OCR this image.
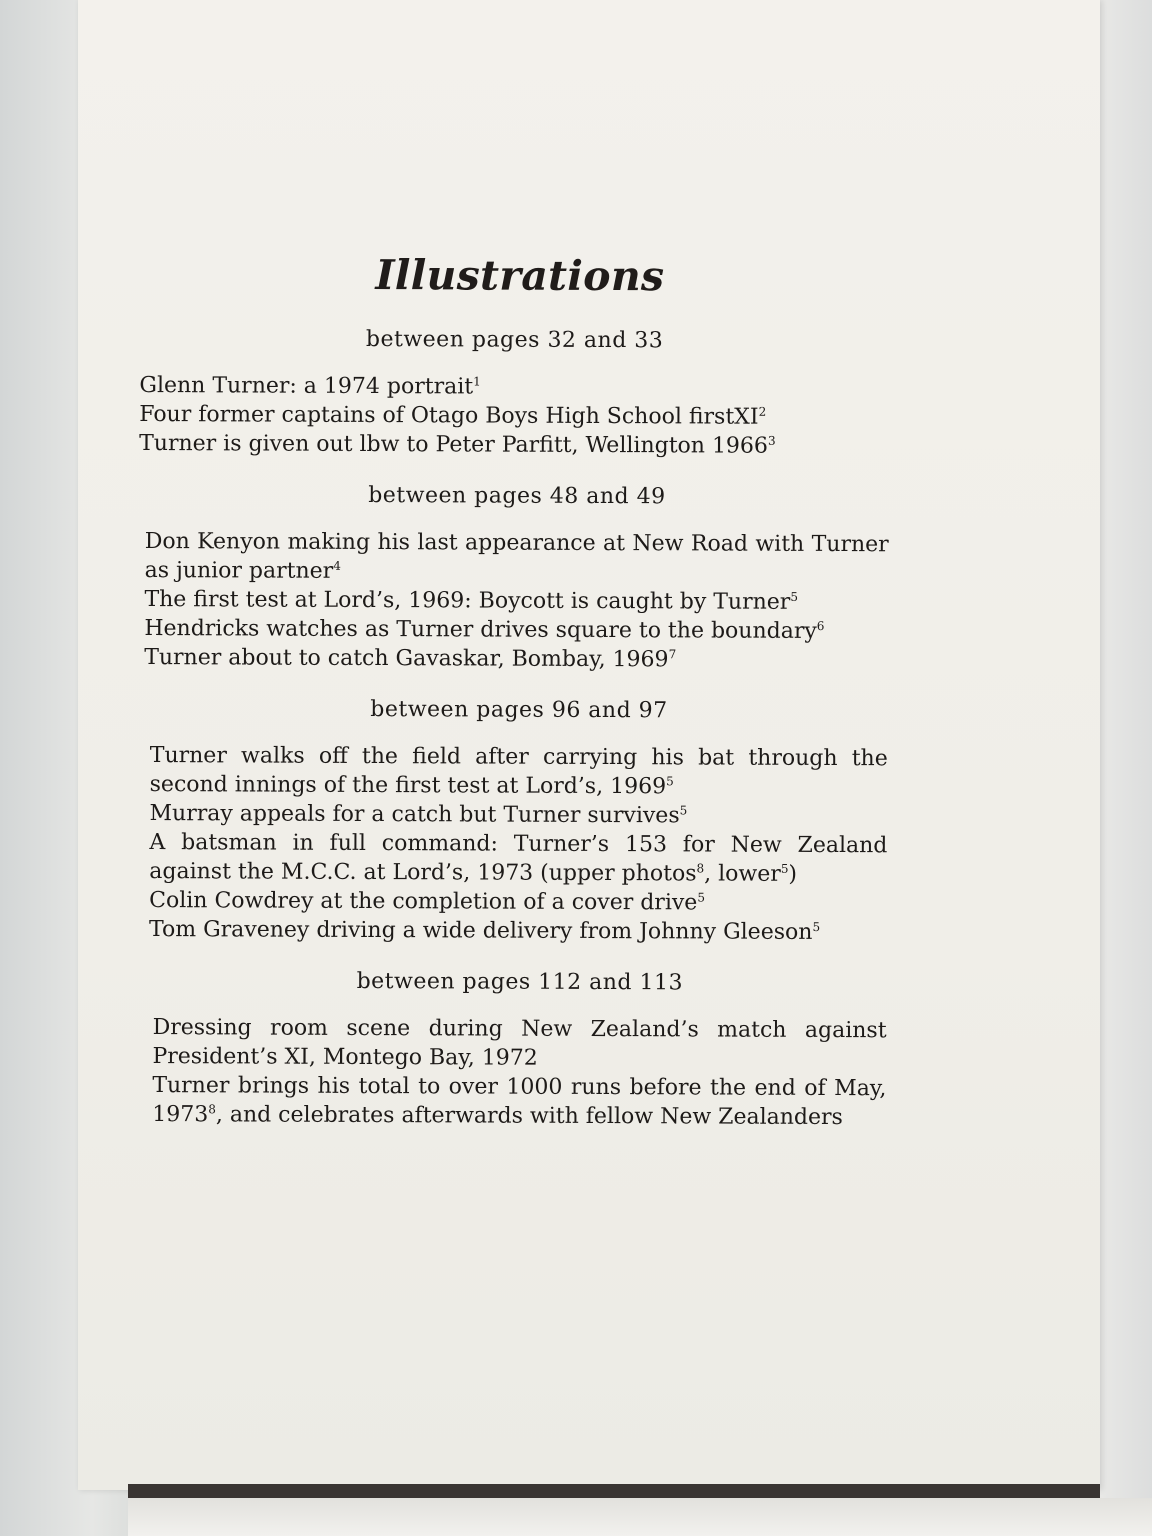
Illustrations
between pages 32 and 33
Glenn Turner: a 1974 portrait$^1$
Four former captains of Otago Boys High School firstXI$^2$
Turner is given out lbw to Peter Parfitt, Wellington 1966$^3$
between pages 48 and 49
Don Kenyon making his last appearance at New Road with Turner as junior partner$^4$
The first test at Lord’s, 1969: Boycott is caught by Turner$^5$
Hendricks watches as Turner drives square to the boundary$^6$
Turner about to catch Gavaskar, Bombay, 1969$^7$
between pages 96 and 97
Turner walks off the field after carrying his bat through the second innings of the first test at Lord’s, 1969$^5$
Murray appeals for a catch but Turner survives$^5$
A batsman in full command: Turner’s 153 for New Zealand against the M.C.C. at Lord’s, 1973 (upper photos$^8$, lower$^5$)
Colin Cowdrey at the completion of a cover drive$^5$
Tom Graveney driving a wide delivery from Johnny Gleeson$^5$
between pages 112 and 113
Dressing room scene during New Zealand’s match against President’s XI, Montego Bay, 1972
Turner brings his total to over 1000 runs before the end of May, 1973$^8$, and celebrates afterwards with fellow New Zealanders
